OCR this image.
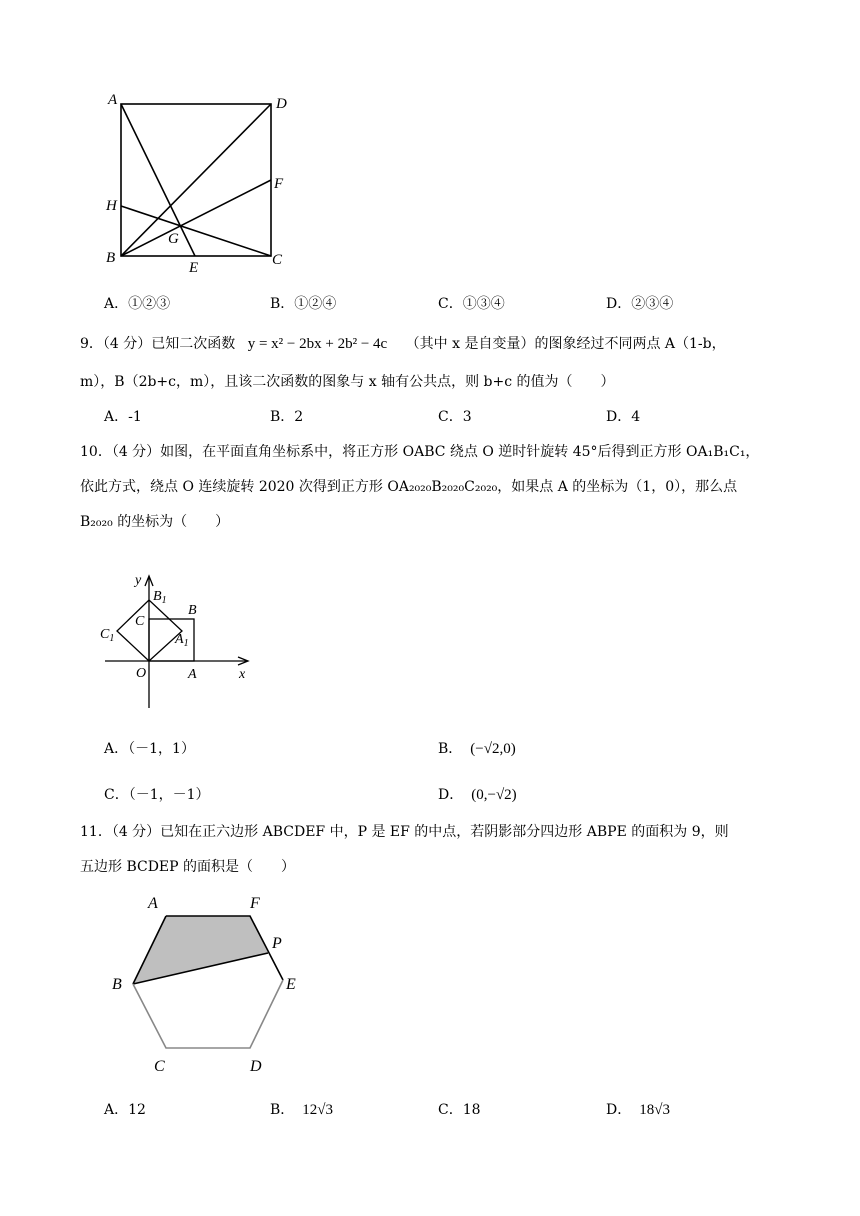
A	D
H
F
G
B	C
E
A．①②③	B．①②④	C．①③④	D．②③④
9．（4 分）已知二次函数 y = x² − 2bx + 2b² − 4c （其中 x 是自变量）的图象经过不同两点 A（1-b，
m），B（2b+c，m），且该二次函数的图象与 x 轴有公共点，则 b+c 的值为（　　）
A．-1	B．2	C．3	D．4
10．（4 分）如图，在平面直角坐标系中，将正方形 OABC 绕点 O 逆时针旋转 45°后得到正方形 OA₁B₁C₁，
依此方式，绕点 O 连续旋转 2020 次得到正方形 OA₂₀₂₀B₂₀₂₀C₂₀₂₀，如果点 A 的坐标为（1，0），那么点
B₂₀₂₀ 的坐标为（　　）
y
$B_1$
B
C
$C_1$	$A_1$
O	A	x
A．（－1，1）	B． (−√2,0)
C．（－1，－1）	D． (0,−√2)
11．（4 分）已知在正六边形 ABCDEF 中，P 是 EF 的中点，若阴影部分四边形 ABPE 的面积为 9，则
五边形 BCDEP 的面积是（　　）
A	F
P
B	E
C	D
A．12	B． 12√3	C．18	D． 18√3
